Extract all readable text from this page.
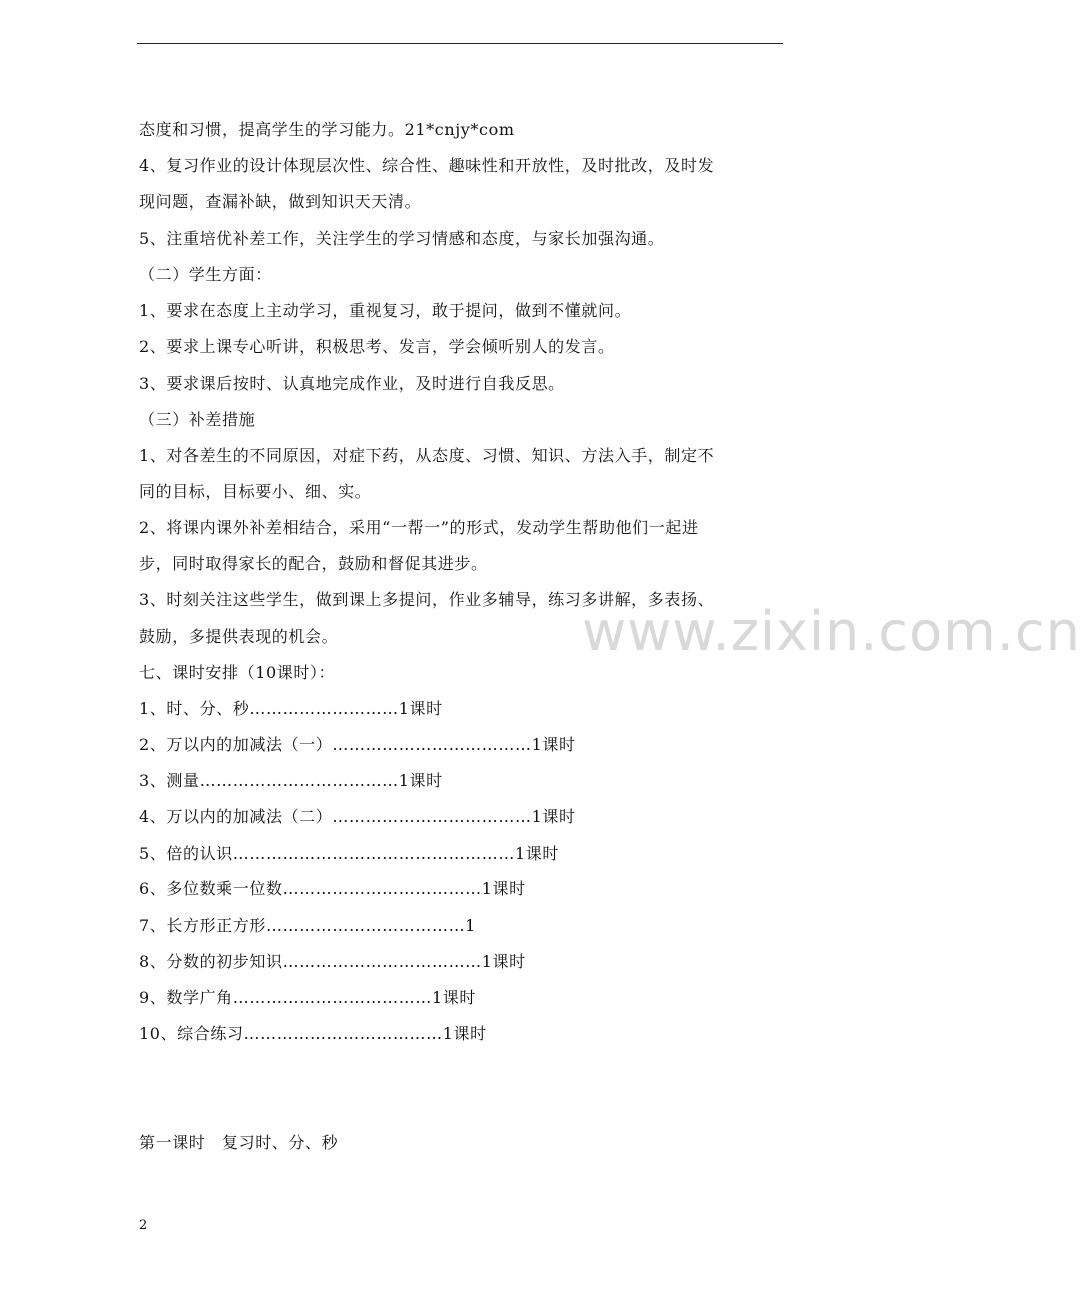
www.zixin.com.cn
态度和习惯，提高学生的学习能力。21*cnjy*com
4、复习作业的设计体现层次性、综合性、趣味性和开放性，及时批改，及时发
现问题，查漏补缺，做到知识天天清。
5、注重培优补差工作，关注学生的学习情感和态度，与家长加强沟通。
（二）学生方面：
1、要求在态度上主动学习，重视复习，敢于提问，做到不懂就问。
2、要求上课专心听讲，积极思考、发言，学会倾听别人的发言。
3、要求课后按时、认真地完成作业，及时进行自我反思。
（三）补差措施
1、对各差生的不同原因，对症下药，从态度、习惯、知识、方法入手，制定不
同的目标，目标要小、细、实。
2、将课内课外补差相结合，采用“一帮一”的形式，发动学生帮助他们一起进
步，同时取得家长的配合，鼓励和督促其进步。
3、时刻关注这些学生，做到课上多提问，作业多辅导，练习多讲解，多表扬、
鼓励，多提供表现的机会。
七、课时安排（10课时）：
1、时、分、秒………………………1课时
2、万以内的加减法（一）………………………………1课时
3、测量………………………………1课时
4、万以内的加减法（二）………………………………1课时
5、倍的认识……………………………………………1课时
6、多位数乘一位数………………………………1课时
7、长方形正方形………………………………1
8、分数的初步知识………………………………1课时
9、数学广角………………………………1课时
10、综合练习………………………………1课时
第一课时　复习时、分、秒
2
